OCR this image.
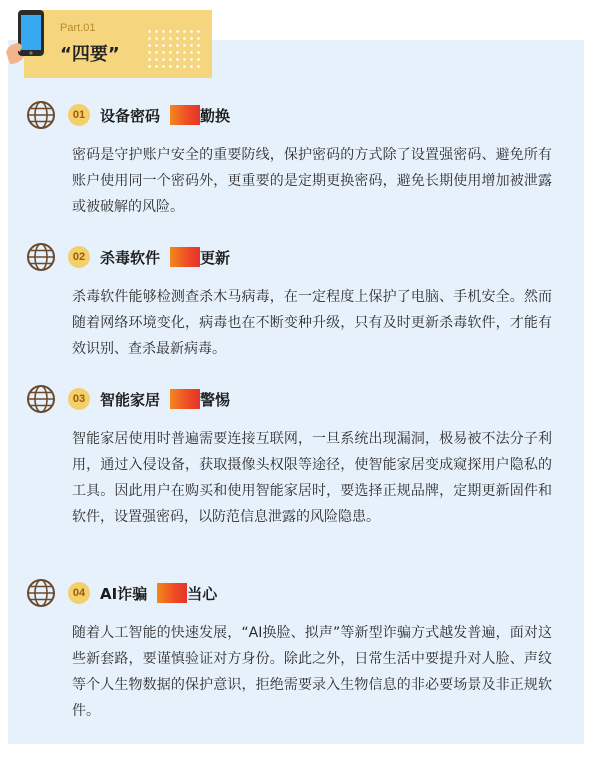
Part.01
“四要”
01 设备密码	勤换
密码是守护账户安全的重要防线，保护密码的方式除了设置强密码、避免所有账户使用同一个密码外，更重要的是定期更换密码，避免长期使用增加被泄露或被破解的风险。
02 杀毒软件	更新
杀毒软件能够检测查杀木马病毒，在一定程度上保护了电脑、手机安全。然而随着网络环境变化，病毒也在不断变种升级，只有及时更新杀毒软件，才能有效识别、查杀最新病毒。
03 智能家居	警惕
智能家居使用时普遍需要连接互联网，一旦系统出现漏洞，极易被不法分子利用，通过入侵设备，获取摄像头权限等途径，使智能家居变成窥探用户隐私的工具。因此用户在购买和使用智能家居时，要选择正规品牌，定期更新固件和软件，设置强密码，以防范信息泄露的风险隐患。
04 AI诈骗	当心
随着人工智能的快速发展，“AI换脸、拟声”等新型诈骗方式越发普遍，面对这些新套路，要谨慎验证对方身份。除此之外，日常生活中要提升对人脸、声纹等个人生物数据的保护意识，拒绝需要录入生物信息的非必要场景及非正规软件。
